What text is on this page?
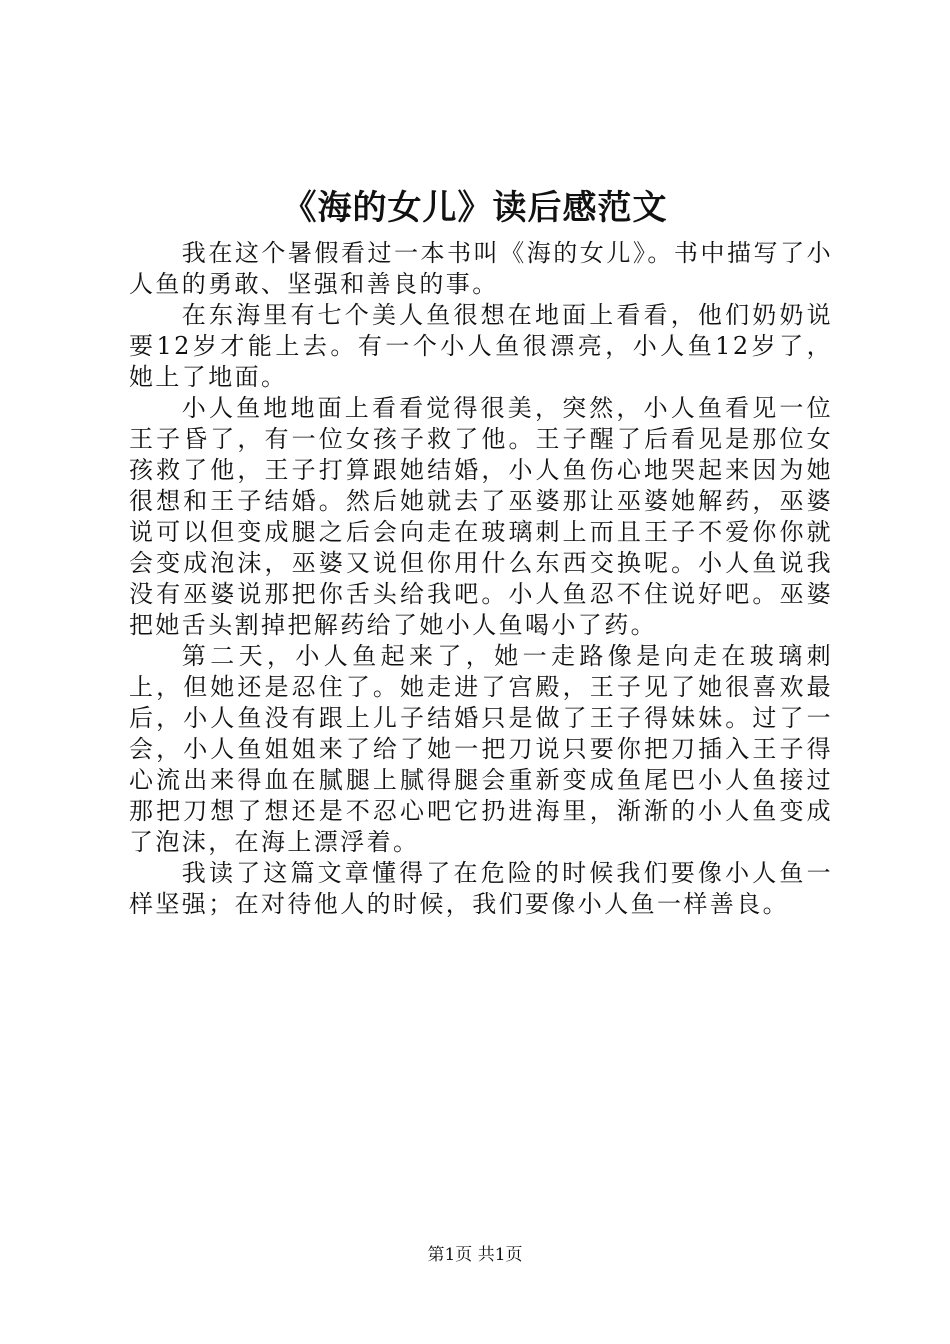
《海的女儿》读后感范文

我在这个暑假看过一本书叫《海的女儿》。书中描写了小人鱼的勇敢、坚强和善良的事。

在东海里有七个美人鱼很想在地面上看看，他们奶奶说要12岁才能上去。有一个小人鱼很漂亮，小人鱼12岁了，她上了地面。

小人鱼地地面上看看觉得很美，突然，小人鱼看见一位王子昏了，有一位女孩子救了他。王子醒了后看见是那位女孩救了他，王子打算跟她结婚，小人鱼伤心地哭起来因为她很想和王子结婚。然后她就去了巫婆那让巫婆她解药，巫婆说可以但变成腿之后会向走在玻璃刺上而且王子不爱你你就会变成泡沫，巫婆又说但你用什么东西交换呢。小人鱼说我没有巫婆说那把你舌头给我吧。小人鱼忍不住说好吧。巫婆把她舌头割掉把解药给了她小人鱼喝小了药。

第二天，小人鱼起来了，她一走路像是向走在玻璃刺上，但她还是忍住了。她走进了宫殿，王子见了她很喜欢最后，小人鱼没有跟上儿子结婚只是做了王子得妹妹。过了一会，小人鱼姐姐来了给了她一把刀说只要你把刀插入王子得心流出来得血在腻腿上腻得腿会重新变成鱼尾巴小人鱼接过那把刀想了想还是不忍心吧它扔进海里，渐渐的小人鱼变成了泡沫，在海上漂浮着。

我读了这篇文章懂得了在危险的时候我们要像小人鱼一样坚强；在对待他人的时候，我们要像小人鱼一样善良。

第1页 共1页
